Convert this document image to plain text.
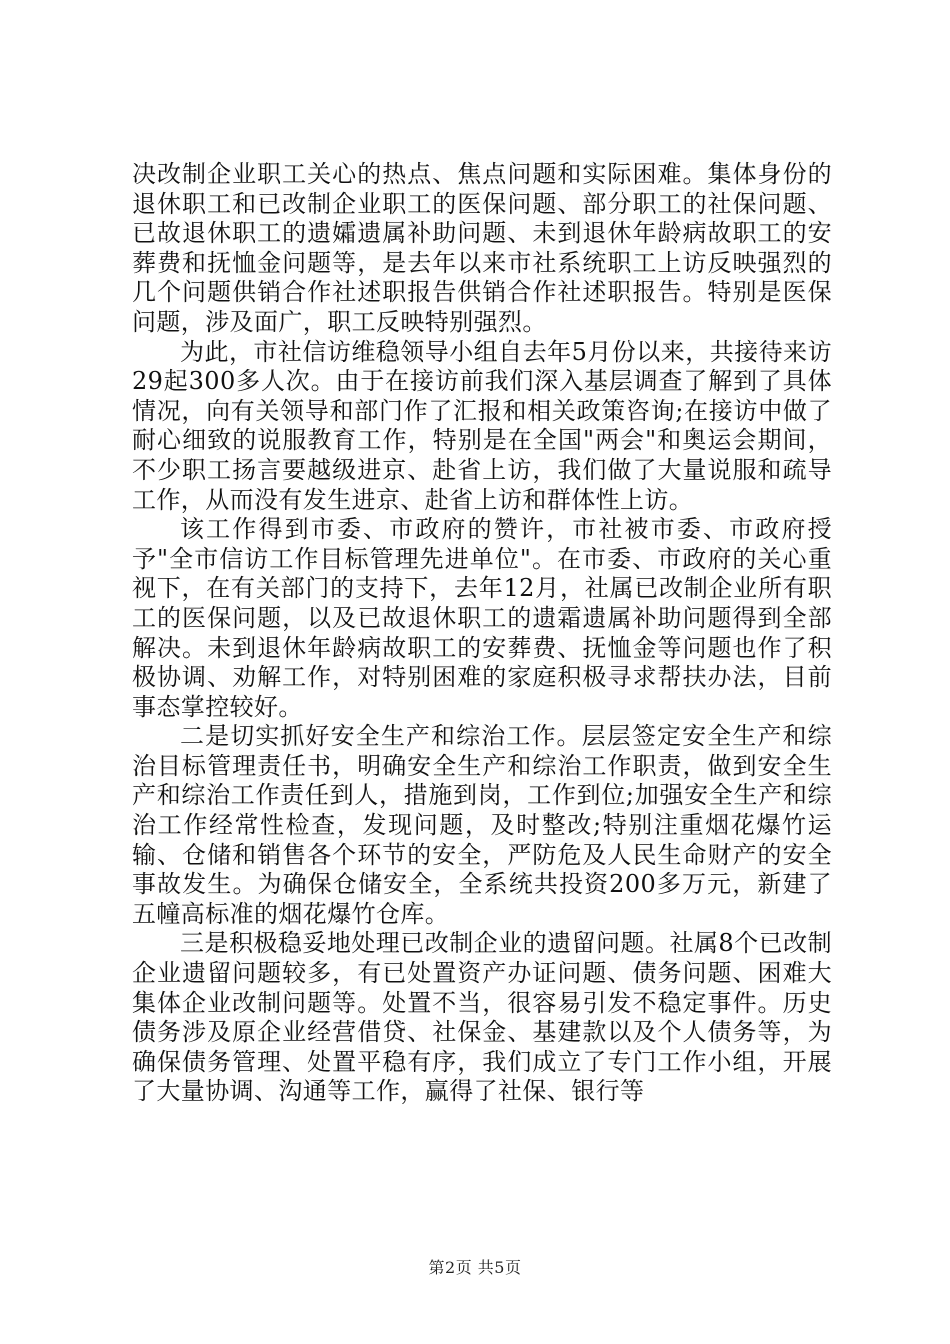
决改制企业职工关心的热点、焦点问题和实际困难。集体身份的退休职工和已改制企业职工的医保问题、部分职工的社保问题、已故退休职工的遗孀遗属补助问题、未到退休年龄病故职工的安葬费和抚恤金问题等，是去年以来市社系统职工上访反映强烈的几个问题供销合作社述职报告供销合作社述职报告。特别是医保问题，涉及面广，职工反映特别强烈。

为此，市社信访维稳领导小组自去年5月份以来，共接待来访29起300多人次。由于在接访前我们深入基层调查了解到了具体情况，向有关领导和部门作了汇报和相关政策咨询;在接访中做了耐心细致的说服教育工作，特别是在全国"两会"和奥运会期间，不少职工扬言要越级进京、赴省上访，我们做了大量说服和疏导工作，从而没有发生进京、赴省上访和群体性上访。

该工作得到市委、市政府的赞许，市社被市委、市政府授予"全市信访工作目标管理先进单位"。在市委、市政府的关心重视下，在有关部门的支持下，去年12月，社属已改制企业所有职工的医保问题，以及已故退休职工的遗霜遗属补助问题得到全部解决。未到退休年龄病故职工的安葬费、抚恤金等问题也作了积极协调、劝解工作，对特别困难的家庭积极寻求帮扶办法，目前事态掌控较好。

二是切实抓好安全生产和综治工作。层层签定安全生产和综治目标管理责任书，明确安全生产和综治工作职责，做到安全生产和综治工作责任到人，措施到岗，工作到位;加强安全生产和综治工作经常性检查，发现问题，及时整改;特别注重烟花爆竹运输、仓储和销售各个环节的安全，严防危及人民生命财产的安全事故发生。为确保仓储安全，全系统共投资200多万元，新建了五幢高标准的烟花爆竹仓库。

三是积极稳妥地处理已改制企业的遗留问题。社属8个已改制企业遗留问题较多，有已处置资产办证问题、债务问题、困难大集体企业改制问题等。处置不当，很容易引发不稳定事件。历史债务涉及原企业经营借贷、社保金、基建款以及个人债务等，为确保债务管理、处置平稳有序，我们成立了专门工作小组，开展了大量协调、沟通等工作，赢得了社保、银行等

第2页 共5页
